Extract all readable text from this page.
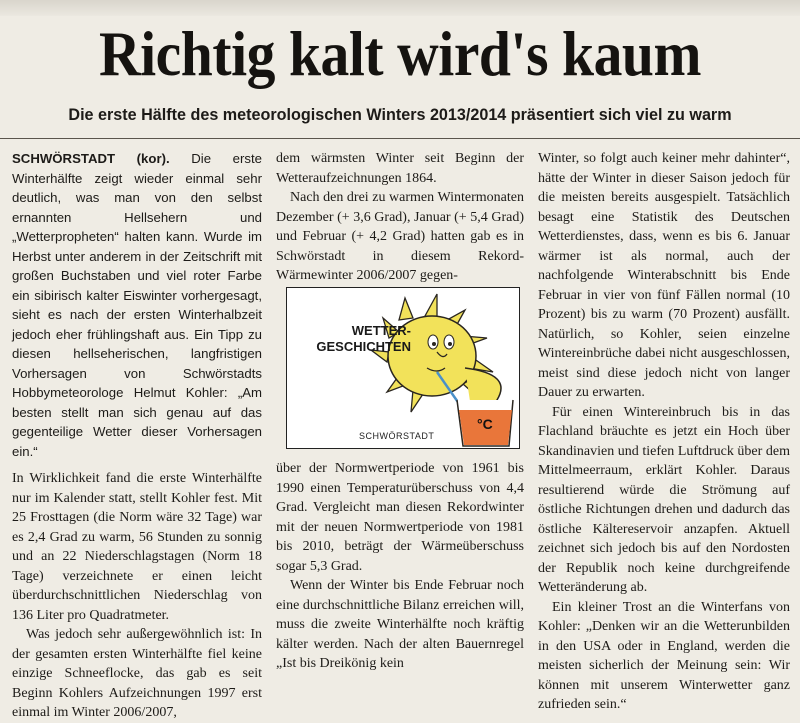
Richtig kalt wird's kaum
Die erste Hälfte des meteorologischen Winters 2013/2014 präsentiert sich viel zu warm

SCHWÖRSTADT (kor). Die erste Winterhälfte zeigt wieder einmal sehr deutlich, was man von den selbst ernannten Hellsehern und „Wetterpropheten“ halten kann. Wurde im Herbst unter anderem in der Zeitschrift mit großen Buchstaben und viel roter Farbe ein sibirisch kalter Eiswinter vorhergesagt, sieht es nach der ersten Winterhalbzeit jedoch eher frühlingshaft aus. Ein Tipp zu diesen hellseherischen, langfristigen Vorhersagen von Schwörstadts Hobbymeteorologe Helmut Kohler: „Am besten stellt man sich genau auf das gegenteilige Wetter dieser Vorhersagen ein.“

In Wirklichkeit fand die erste Winterhälfte nur im Kalender statt, stellt Kohler fest. Mit 25 Frosttagen (die Norm wäre 32 Tage) war es 2,4 Grad zu warm, 56 Stunden zu sonnig und an 22 Niederschlagstagen (Norm 18 Tage) verzeichnete er einen leicht überdurchschnittlichen Niederschlag von 136 Liter pro Quadratmeter.

Was jedoch sehr außergewöhnlich ist: In der gesamten ersten Winterhälfte fiel keine einzige Schneeflocke, das gab es seit Beginn Kohlers Aufzeichnungen 1997 erst einmal im Winter 2006/2007,

dem wärmsten Winter seit Beginn der Wetteraufzeichnungen 1864.

Nach den drei zu warmen Wintermonaten Dezember (+ 3,6 Grad), Januar (+ 5,4 Grad) und Februar (+ 4,2 Grad) hatten gab es in Schwörstadt in diesem Rekord-Wärmewinter 2006/2007 gegen-

über der Normwertperiode von 1961 bis 1990 einen Temperaturüberschuss von 4,4 Grad. Vergleicht man diesen Rekordwinter mit der neuen Normwertperiode von 1981 bis 2010, beträgt der Wärmeüberschuss sogar 5,3 Grad.

Wenn der Winter bis Ende Februar noch eine durchschnittliche Bilanz erreichen will, muss die zweite Winterhälfte noch kräftig kälter werden. Nach der alten Bauernregel „Ist bis Dreikönig kein

WETTER-
GESCHICHTEN
SCHWÖRSTADT
°C

Winter, so folgt auch keiner mehr dahinter“, hätte der Winter in dieser Saison jedoch für die meisten bereits ausgespielt. Tatsächlich besagt eine Statistik des Deutschen Wetterdienstes, dass, wenn es bis 6. Januar wärmer ist als normal, auch der nachfolgende Winterabschnitt bis Ende Februar in vier von fünf Fällen normal (10 Prozent) bis zu warm (70 Prozent) ausfällt. Natürlich, so Kohler, seien einzelne Wintereinbrüche dabei nicht ausgeschlossen, meist sind diese jedoch nicht von langer Dauer zu erwarten.

Für einen Wintereinbruch bis in das Flachland bräuchte es jetzt ein Hoch über Skandinavien und tiefen Luftdruck über dem Mittelmeerraum, erklärt Kohler. Daraus resultierend würde die Strömung auf östliche Richtungen drehen und dadurch das östliche Kältereservoir anzapfen. Aktuell zeichnet sich jedoch bis auf den Nordosten der Republik noch keine durchgreifende Wetteränderung ab.

Ein kleiner Trost an die Winterfans von Kohler: „Denken wir an die Wetterunbilden in den USA oder in England, werden die meisten sicherlich der Meinung sein: Wir können mit unserem Winterwetter ganz zufrieden sein.“
